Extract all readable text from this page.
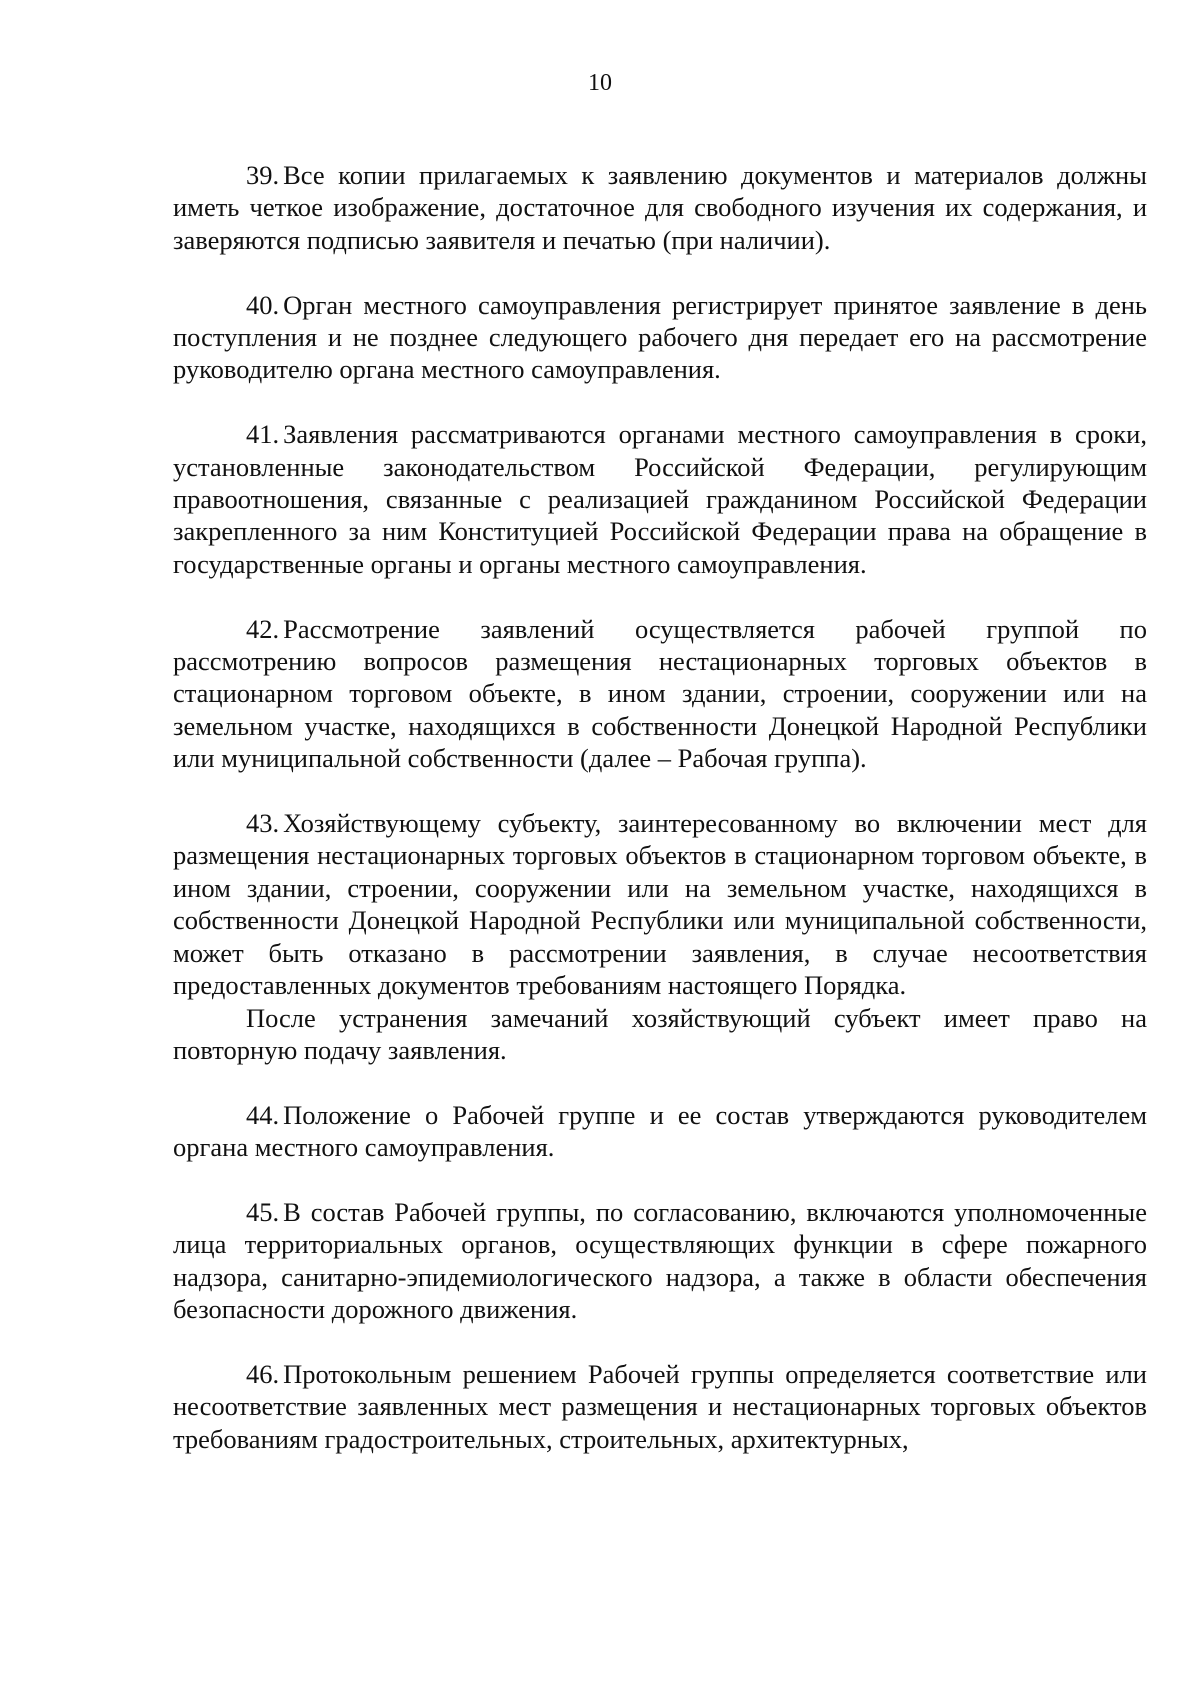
10

39. Все копии прилагаемых к заявлению документов и материалов должны иметь четкое изображение, достаточное для свободного изучения их содержания, и заверяются подписью заявителя и печатью (при наличии).

40. Орган местного самоуправления регистрирует принятое заявление в день поступления и не позднее следующего рабочего дня передает его на рассмотрение руководителю органа местного самоуправления.

41. Заявления рассматриваются органами местного самоуправления в сроки, установленные законодательством Российской Федерации, регулирующим правоотношения, связанные с реализацией гражданином Российской Федерации закрепленного за ним Конституцией Российской Федерации права на обращение в государственные органы и органы местного самоуправления.

42. Рассмотрение заявлений осуществляется рабочей группой по рассмотрению вопросов размещения нестационарных торговых объектов в стационарном торговом объекте, в ином здании, строении, сооружении или на земельном участке, находящихся в собственности Донецкой Народной Республики или муниципальной собственности (далее – Рабочая группа).

43. Хозяйствующему субъекту, заинтересованному во включении мест для размещения нестационарных торговых объектов в стационарном торговом объекте, в ином здании, строении, сооружении или на земельном участке, находящихся в собственности Донецкой Народной Республики или муниципальной собственности, может быть отказано в рассмотрении заявления, в случае несоответствия предоставленных документов требованиям настоящего Порядка.

После устранения замечаний хозяйствующий субъект имеет право на повторную подачу заявления.

44. Положение о Рабочей группе и ее состав утверждаются руководителем органа местного самоуправления.

45. В состав Рабочей группы, по согласованию, включаются уполномоченные лица территориальных органов, осуществляющих функции в сфере пожарного надзора, санитарно-эпидемиологического надзора, а также в области обеспечения безопасности дорожного движения.

46. Протокольным решением Рабочей группы определяется соответствие или несоответствие заявленных мест размещения и нестационарных торговых объектов требованиям градостроительных, строительных, архитектурных,
